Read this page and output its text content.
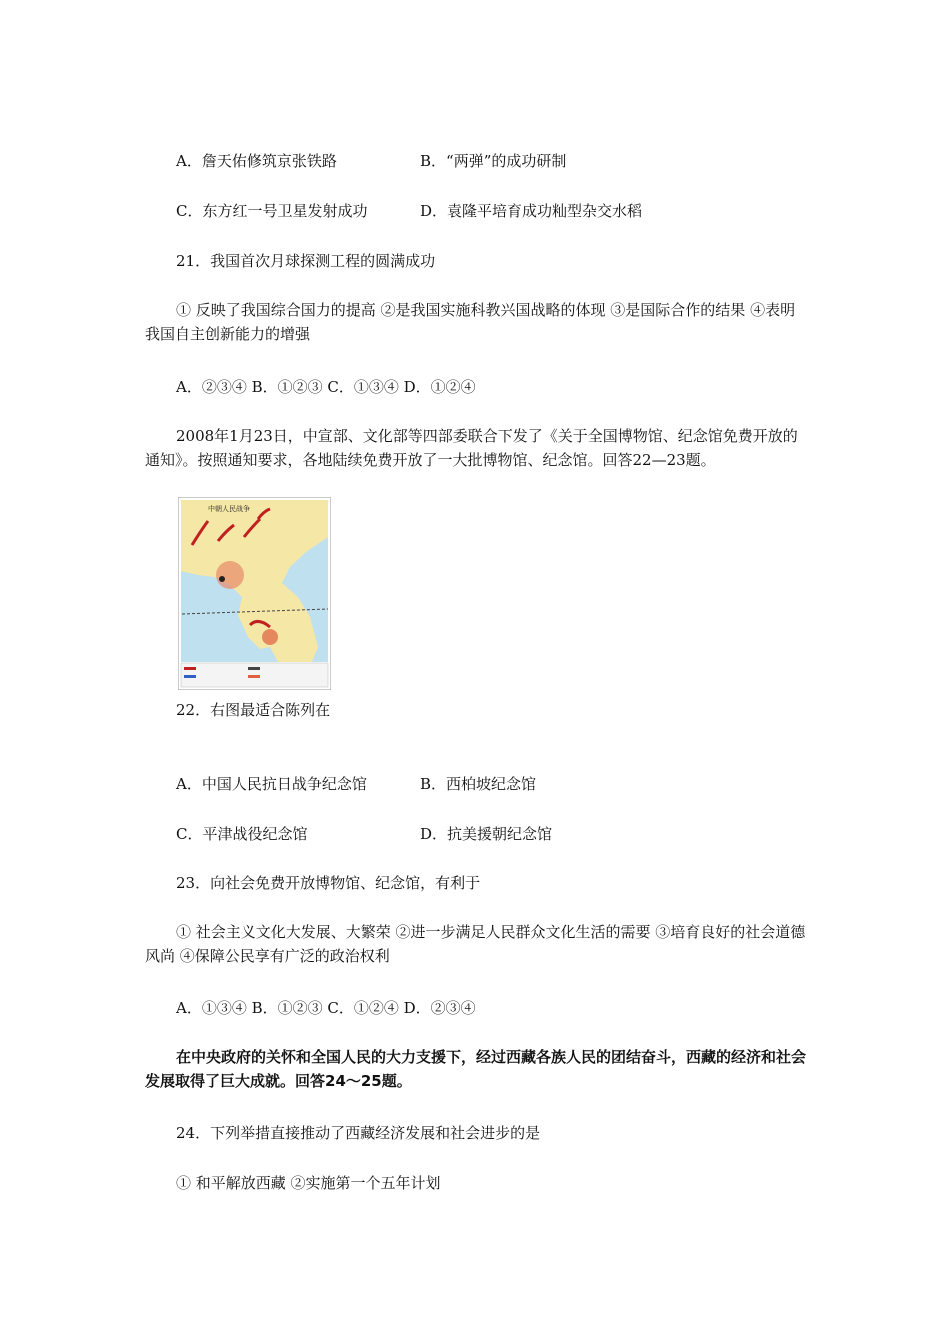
A．詹天佑修筑京张铁路	B．“两弹”的成功研制
C．东方红一号卫星发射成功	D．袁隆平培育成功籼型杂交水稻
21．我国首次月球探测工程的圆满成功
① 反映了我国综合国力的提高 ②是我国实施科教兴国战略的体现 ③是国际合作的结果 ④表明我国自主创新能力的增强
A．②③④ B．①②③ C．①③④ D．①②④
2008年1月23日，中宣部、文化部等四部委联合下发了《关于全国博物馆、纪念馆免费开放的通知》。按照通知要求，各地陆续免费开放了一大批博物馆、纪念馆。回答22—23题。
中朝人民战争
22．右图最适合陈列在
A．中国人民抗日战争纪念馆	B．西柏坡纪念馆
C．平津战役纪念馆	D．抗美援朝纪念馆
23．向社会免费开放博物馆、纪念馆，有利于
① 社会主义文化大发展、大繁荣 ②进一步满足人民群众文化生活的需要 ③培育良好的社会道德风尚 ④保障公民享有广泛的政治权利
A．①③④ B．①②③ C．①②④ D．②③④
在中央政府的关怀和全国人民的大力支援下，经过西藏各族人民的团结奋斗，西藏的经济和社会发展取得了巨大成就。回答24～25题。
24．下列举措直接推动了西藏经济发展和社会进步的是
① 和平解放西藏 ②实施第一个五年计划
